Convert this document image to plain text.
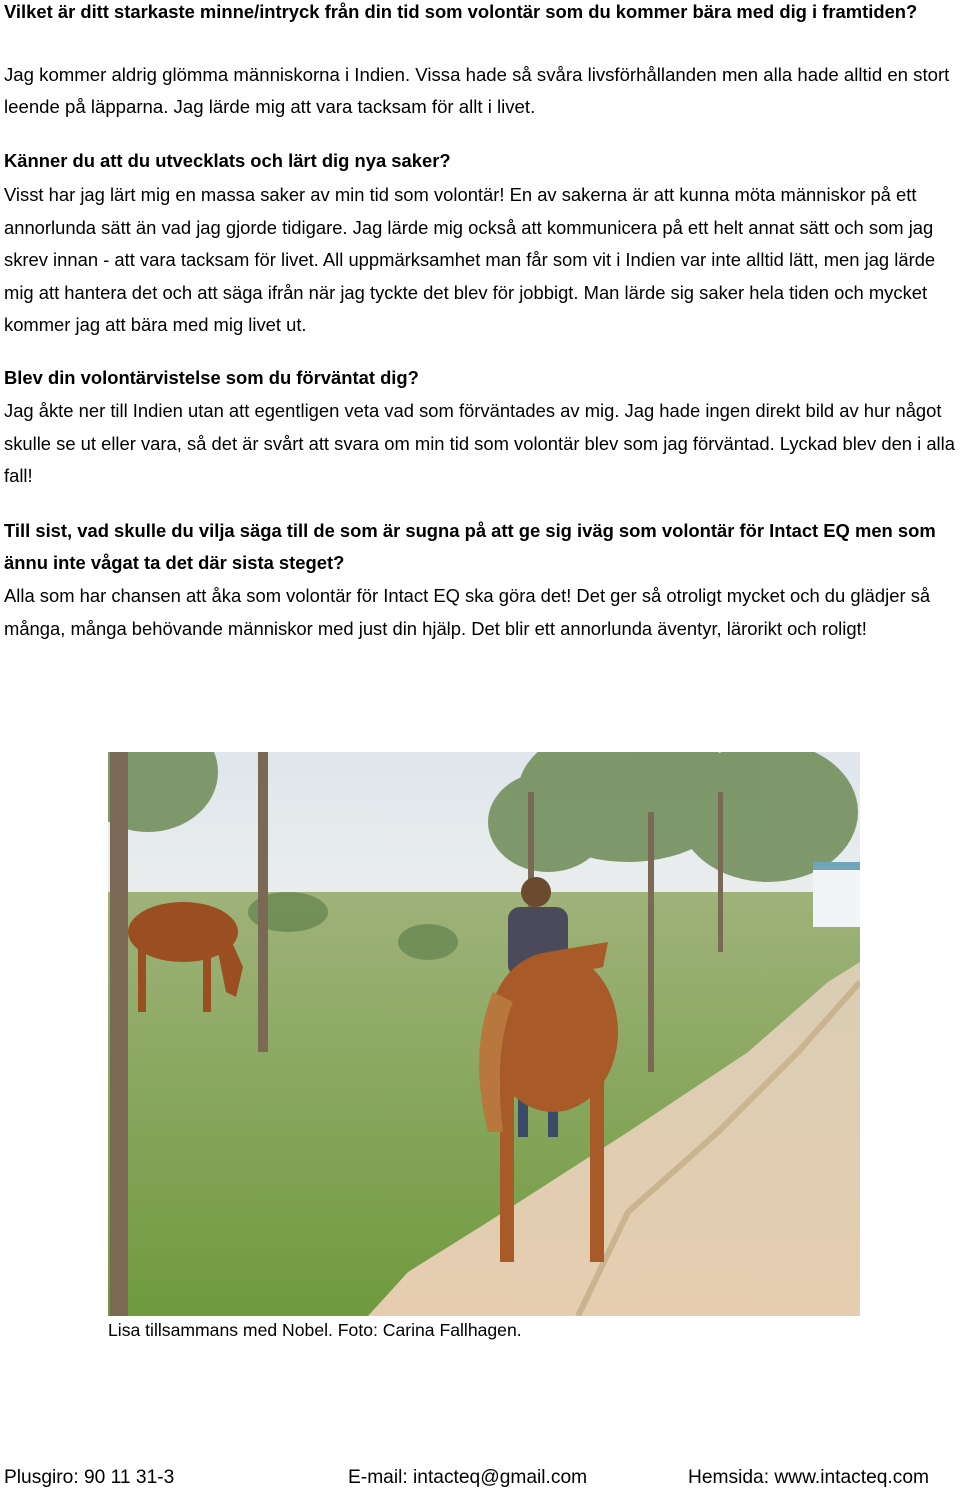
Vilket är ditt starkaste minne/intryck från din tid som volontär som du kommer bära med dig i framtiden?

Jag kommer aldrig glömma människorna i Indien. Vissa hade så svåra livsförhållanden men alla hade alltid en stort leende på läpparna. Jag lärde mig att vara tacksam för allt i livet.

Känner du att du utvecklats och lärt dig nya saker?

Visst har jag lärt mig en massa saker av min tid som volontär! En av sakerna är att kunna möta människor på ett annorlunda sätt än vad jag gjorde tidigare. Jag lärde mig också att kommunicera på ett helt annat sätt och som jag skrev innan - att vara tacksam för livet. All uppmärksamhet man får som vit i Indien var inte alltid lätt, men jag lärde mig att hantera det och att säga ifrån när jag tyckte det blev för jobbigt. Man lärde sig saker hela tiden och mycket kommer jag att bära med mig livet ut.

Blev din volontärvistelse som du förväntat dig?

Jag åkte ner till Indien utan att egentligen veta vad som förväntades av mig. Jag hade ingen direkt bild av hur något skulle se ut eller vara, så det är svårt att svara om min tid som volontär blev som jag förväntad. Lyckad blev den i alla fall!

Till sist, vad skulle du vilja säga till de som är sugna på att ge sig iväg som volontär för Intact EQ men som ännu inte vågat ta det där sista steget?

Alla som har chansen att åka som volontär för Intact EQ ska göra det! Det ger så otroligt mycket och du glädjer så många, många behövande människor med just din hjälp. Det blir ett annorlunda äventyr, lärorikt och roligt!

Lisa tillsammans med Nobel. Foto: Carina Fallhagen.
Plusgiro: 90 11 31-3	E-mail: intacteq@gmail.com	Hemsida: www.intacteq.com
